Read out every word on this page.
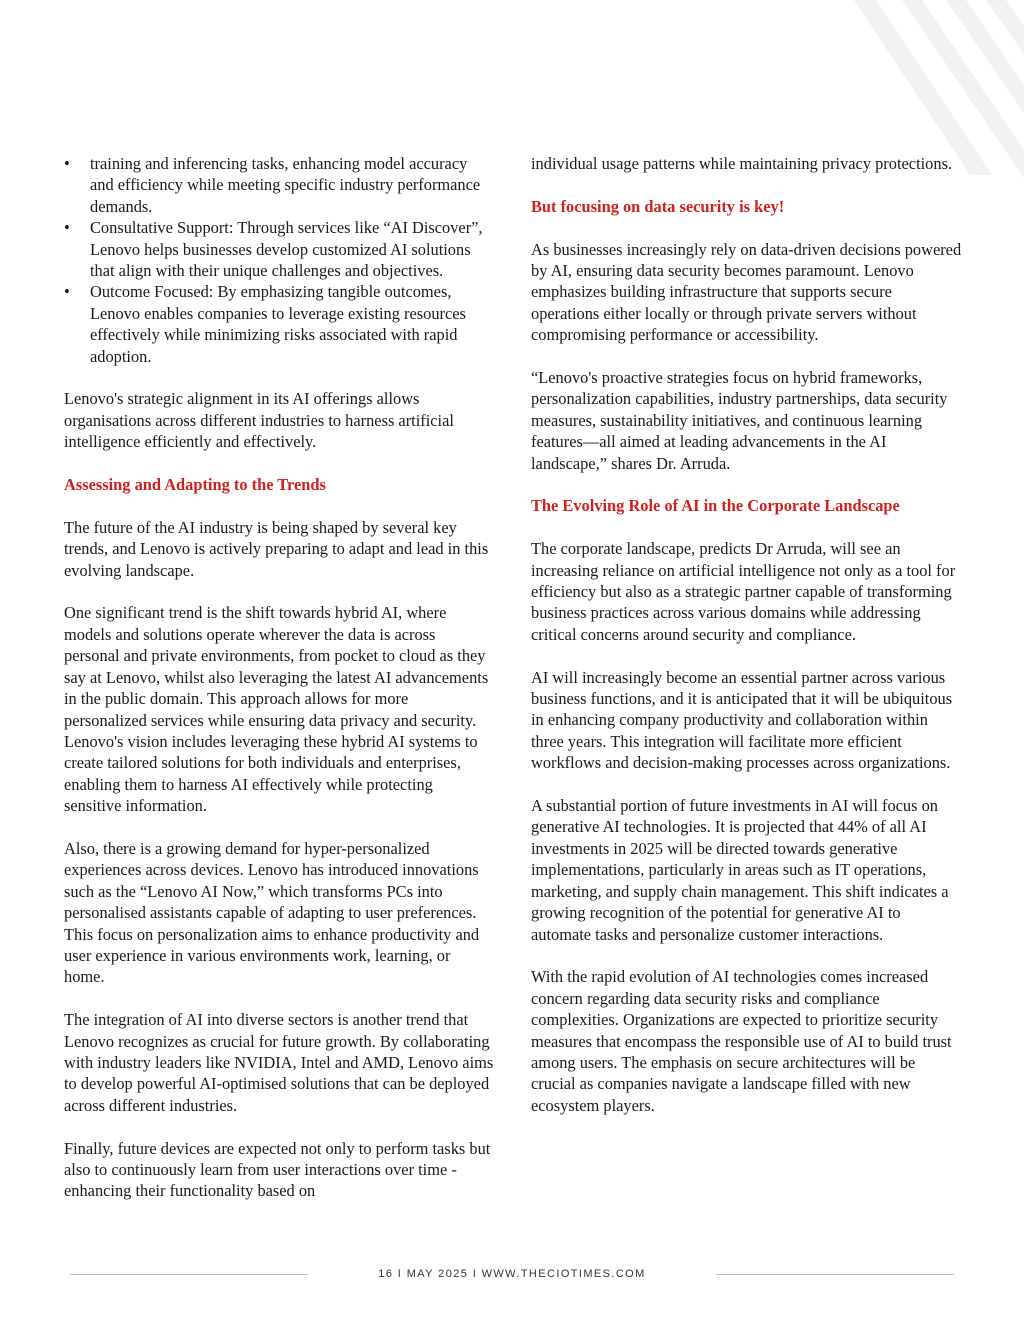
• training and inferencing tasks, enhancing model accuracy and efficiency while meeting specific industry performance demands.
• Consultative Support: Through services like “AI Discover”, Lenovo helps businesses develop customized AI solutions that align with their unique challenges and objectives.
• Outcome Focused: By emphasizing tangible outcomes, Lenovo enables companies to leverage existing resources effectively while minimizing risks associated with rapid adoption.

Lenovo's strategic alignment in its AI offerings allows organisations across different industries to harness artificial intelligence efficiently and effectively.

Assessing and Adapting to the Trends

The future of the AI industry is being shaped by several key trends, and Lenovo is actively preparing to adapt and lead in this evolving landscape.

One significant trend is the shift towards hybrid AI, where models and solutions operate wherever the data is across personal and private environments, from pocket to cloud as they say at Lenovo, whilst also leveraging the latest AI advancements in the public domain. This approach allows for more personalized services while ensuring data privacy and security. Lenovo's vision includes leveraging these hybrid AI systems to create tailored solutions for both individuals and enterprises, enabling them to harness AI effectively while protecting sensitive information.

Also, there is a growing demand for hyper-personalized experiences across devices. Lenovo has introduced innovations such as the “Lenovo AI Now,” which transforms PCs into personalised assistants capable of adapting to user preferences. This focus on personalization aims to enhance productivity and user experience in various environments work, learning, or home.

The integration of AI into diverse sectors is another trend that Lenovo recognizes as crucial for future growth. By collaborating with industry leaders like NVIDIA, Intel and AMD, Lenovo aims to develop powerful AI-optimised solutions that can be deployed across different industries.

Finally, future devices are expected not only to perform tasks but also to continuously learn from user interactions over time - enhancing their functionality based on

individual usage patterns while maintaining privacy protections.

But focusing on data security is key!

As businesses increasingly rely on data-driven decisions powered by AI, ensuring data security becomes paramount. Lenovo emphasizes building infrastructure that supports secure operations either locally or through private servers without compromising performance or accessibility.

“Lenovo's proactive strategies focus on hybrid frameworks, personalization capabilities, industry partnerships, data security measures, sustainability initiatives, and continuous learning features—all aimed at leading advancements in the AI landscape,” shares Dr. Arruda.

The Evolving Role of AI in the Corporate Landscape

The corporate landscape, predicts Dr Arruda, will see an increasing reliance on artificial intelligence not only as a tool for efficiency but also as a strategic partner capable of transforming business practices across various domains while addressing critical concerns around security and compliance.

AI will increasingly become an essential partner across various business functions, and it is anticipated that it will be ubiquitous in enhancing company productivity and collaboration within three years. This integration will facilitate more efficient workflows and decision-making processes across organizations.

A substantial portion of future investments in AI will focus on generative AI technologies. It is projected that 44% of all AI investments in 2025 will be directed towards generative implementations, particularly in areas such as IT operations, marketing, and supply chain management. This shift indicates a growing recognition of the potential for generative AI to automate tasks and personalize customer interactions.

With the rapid evolution of AI technologies comes increased concern regarding data security risks and compliance complexities. Organizations are expected to prioritize security measures that encompass the responsible use of AI to build trust among users. The emphasis on secure architectures will be crucial as companies navigate a landscape filled with new ecosystem players.

16 I MAY 2025 I WWW.THECIOTIMES.COM
